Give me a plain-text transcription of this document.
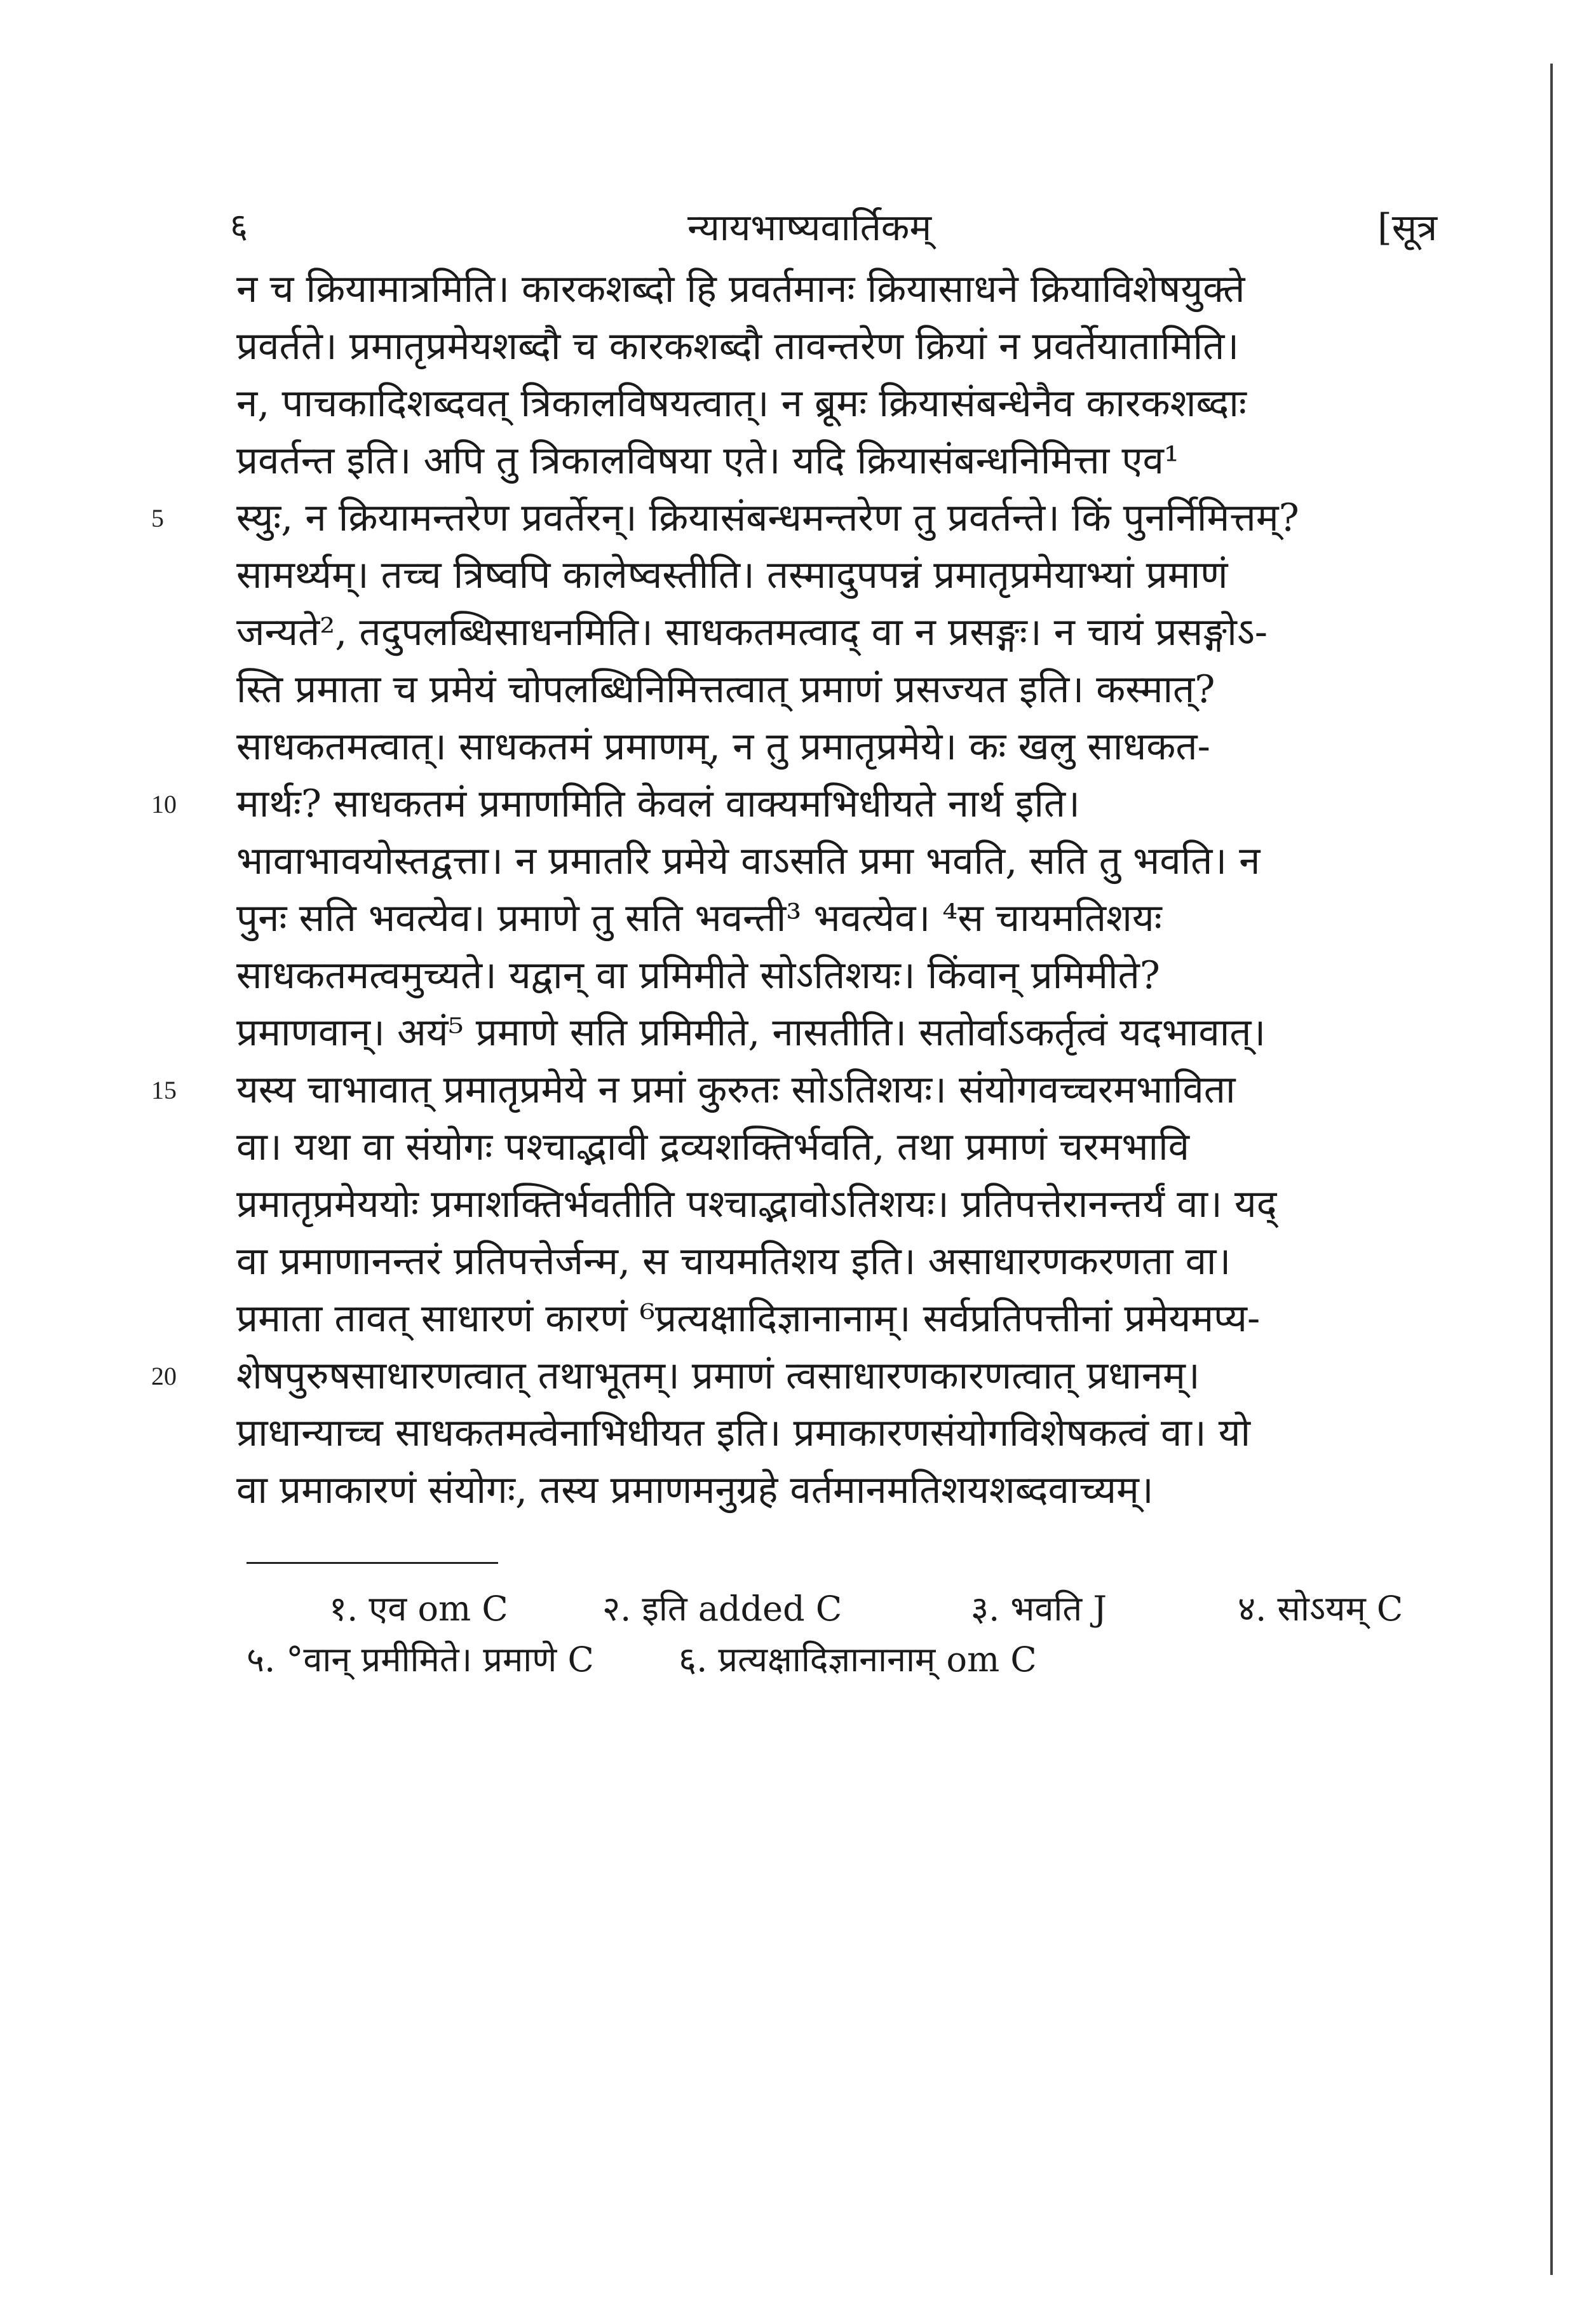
६	न्यायभाष्यवार्तिकम्	[सूत्र
न च क्रियामात्रमिति। कारकशब्दो हि प्रवर्तमानः क्रियासाधने क्रियाविशेषयुक्ते
प्रवर्तते। प्रमातृप्रमेयशब्दौ च कारकशब्दौ तावन्तरेण क्रियां न प्रवर्तेयातामिति।
न, पाचकादिशब्दवत् त्रिकालविषयत्वात्। न ब्रूमः क्रियासंबन्धेनैव कारकशब्दाः
प्रवर्तन्त इति। अपि तु त्रिकालविषया एते। यदि क्रियासंबन्धनिमित्ता एव¹
स्युः, न क्रियामन्तरेण प्रवर्तेरन्। क्रियासंबन्धमन्तरेण तु प्रवर्तन्ते। किं पुनर्निमित्तम्?
सामर्थ्यम्। तच्च त्रिष्वपि कालेष्वस्तीति। तस्मादुपपन्नं प्रमातृप्रमेयाभ्यां प्रमाणं
जन्यते², तदुपलब्धिसाधनमिति। साधकतमत्वाद् वा न प्रसङ्गः। न चायं प्रसङ्गोऽ-
स्ति प्रमाता च प्रमेयं चोपलब्धिनिमित्तत्वात् प्रमाणं प्रसज्यत इति। कस्मात्?
साधकतमत्वात्। साधकतमं प्रमाणम्, न तु प्रमातृप्रमेये। कः खलु साधकत-
मार्थः? साधकतमं प्रमाणमिति केवलं वाक्यमभिधीयते नार्थ इति।
भावाभावयोस्तद्वत्ता। न प्रमातरि प्रमेये वाऽसति प्रमा भवति, सति तु भवति। न
पुनः सति भवत्येव। प्रमाणे तु सति भवन्ती³ भवत्येव। ⁴स चायमतिशयः
साधकतमत्वमुच्यते। यद्वान् वा प्रमिमीते सोऽतिशयः। किंवान् प्रमिमीते?
प्रमाणवान्। अयं⁵ प्रमाणे सति प्रमिमीते, नासतीति। सतोर्वाऽकर्तृत्वं यदभावात्।
यस्य चाभावात् प्रमातृप्रमेये न प्रमां कुरुतः सोऽतिशयः। संयोगवच्चरमभाविता
वा। यथा वा संयोगः पश्चाद्भावी द्रव्यशक्तिर्भवति, तथा प्रमाणं चरमभावि
प्रमातृप्रमेययोः प्रमाशक्तिर्भवतीति पश्चाद्भावोऽतिशयः। प्रतिपत्तेरानन्तर्यं वा। यद्
वा प्रमाणानन्तरं प्रतिपत्तेर्जन्म, स चायमतिशय इति। असाधारणकरणता वा।
प्रमाता तावत् साधारणं कारणं ⁶प्रत्यक्षादिज्ञानानाम्। सर्वप्रतिपत्तीनां प्रमेयमप्य-
शेषपुरुषसाधारणत्वात् तथाभूतम्। प्रमाणं त्वसाधारणकारणत्वात् प्रधानम्।
प्राधान्याच्च साधकतमत्वेनाभिधीयत इति। प्रमाकारणसंयोगविशेषकत्वं वा। यो
वा प्रमाकारणं संयोगः, तस्य प्रमाणमनुग्रहे वर्तमानमतिशयशब्दवाच्यम्।
5
10
15
20
१. एव om C	२. इति added C	३. भवति J	४. सोऽयम् C
५. °वान् प्रमीमिते। प्रमाणे C ६. प्रत्यक्षादिज्ञानानाम् om C
